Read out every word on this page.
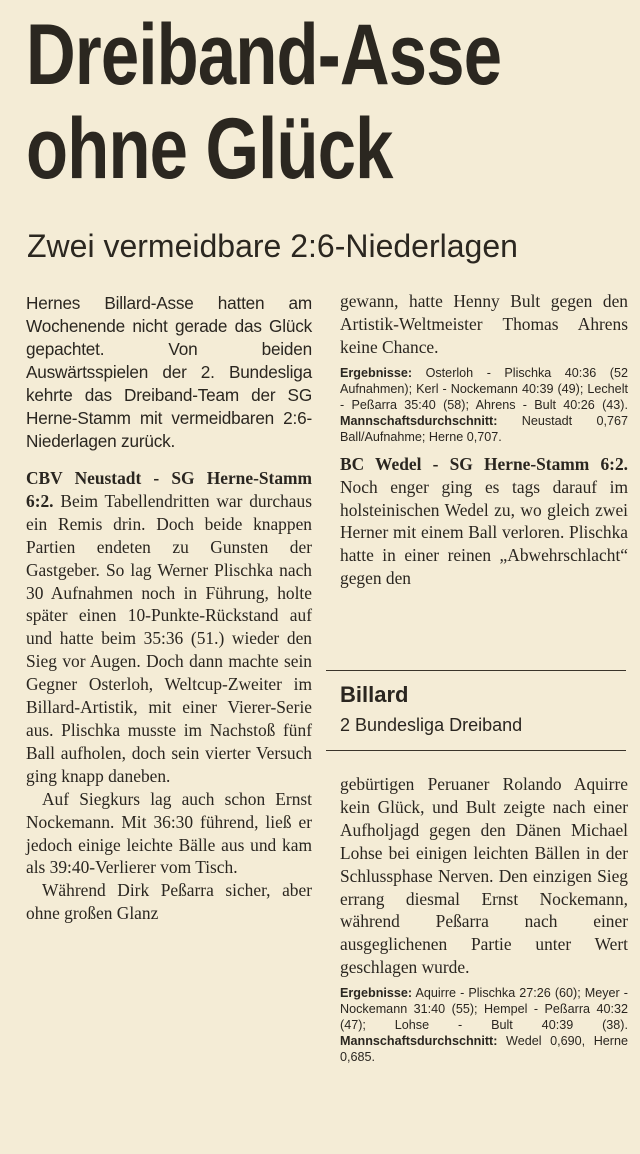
Dreiband-Asse
ohne Glück
Zwei vermeidbare 2:6-Niederlagen

Hernes Billard-Asse hatten am Wochenende nicht gerade das Glück gepachtet. Von beiden Auswärtsspielen der 2. Bundesliga kehrte das Dreiband-Team der SG Herne-Stamm mit vermeidbaren 2:6-Niederlagen zurück.

CBV Neustadt - SG Herne-Stamm 6:2. Beim Tabellendritten war durchaus ein Remis drin. Doch beide knappen Partien endeten zu Gunsten der Gastgeber. So lag Werner Plischka nach 30 Aufnahmen noch in Führung, holte später einen 10-Punkte-Rückstand auf und hatte beim 35:36 (51.) wieder den Sieg vor Augen. Doch dann machte sein Gegner Osterloh, Weltcup-Zweiter im Billard-Artistik, mit einer Vierer-Serie aus. Plischka musste im Nachstoß fünf Ball aufholen, doch sein vierter Versuch ging knapp daneben.

Auf Siegkurs lag auch schon Ernst Nockemann. Mit 36:30 führend, ließ er jedoch einige leichte Bälle aus und kam als 39:40-Verlierer vom Tisch.

Während Dirk Peßarra sicher, aber ohne großen Glanz

gewann, hatte Henny Bult gegen den Artistik-Weltmeister Thomas Ahrens keine Chance.

Ergebnisse: Osterloh - Plischka 40:36 (52 Aufnahmen); Kerl - Nockemann 40:39 (49); Lechelt - Peßarra 35:40 (58); Ahrens - Bult 40:26 (43). Mannschaftsdurchschnitt: Neustadt 0,767 Ball/Aufnahme; Herne 0,707.

BC Wedel - SG Herne-Stamm 6:2. Noch enger ging es tags darauf im holsteinischen Wedel zu, wo gleich zwei Herner mit einem Ball verloren. Plischka hatte in einer reinen „Abwehrschlacht“ gegen den

Billard
2 Bundesliga Dreiband

gebürtigen Peruaner Rolando Aquirre kein Glück, und Bult zeigte nach einer Aufholjagd gegen den Dänen Michael Lohse bei einigen leichten Bällen in der Schlussphase Nerven. Den einzigen Sieg errang diesmal Ernst Nockemann, während Peßarra nach einer ausgeglichenen Partie unter Wert geschlagen wurde.

Ergebnisse: Aquirre - Plischka 27:26 (60); Meyer - Nockemann 31:40 (55); Hempel - Peßarra 40:32 (47); Lohse - Bult 40:39 (38). Mannschaftsdurchschnitt: Wedel 0,690, Herne 0,685.
